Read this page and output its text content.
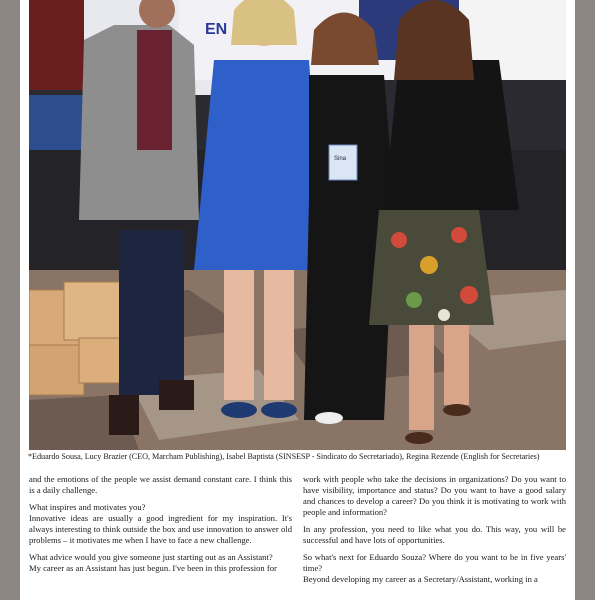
EN
Sina
*Eduardo Sousa, Lucy Brazier (CEO, Marcham Publishing), Isabel Baptista (SINSESP - Sindicato do Secretariado), Regina Rezende (English for Secretaries)

and the emotions of the people we assist demand constant care. I think this is a daily challenge.

What inspires and motivates you?

Innovative ideas are usually a good ingredient for my inspiration. It's always interesting to think outside the box and use innovation to answer old problems – it motivates me when I have to face a new challenge.

What advice would you give someone just starting out as an Assistant?

My career as an Assistant has just begun. I've been in this profession for

work with people who take the decisions in organizations? Do you want to have visibility, importance and status? Do you want to have a good salary and chances to develop a career? Do you think it is motivating to work with people and information?

In any profession, you need to like what you do. This way, you will be successful and have lots of opportunities.

So what's next for Eduardo Souza? Where do you want to be in five years' time?

Beyond developing my career as a Secretary/Assistant, working in a
